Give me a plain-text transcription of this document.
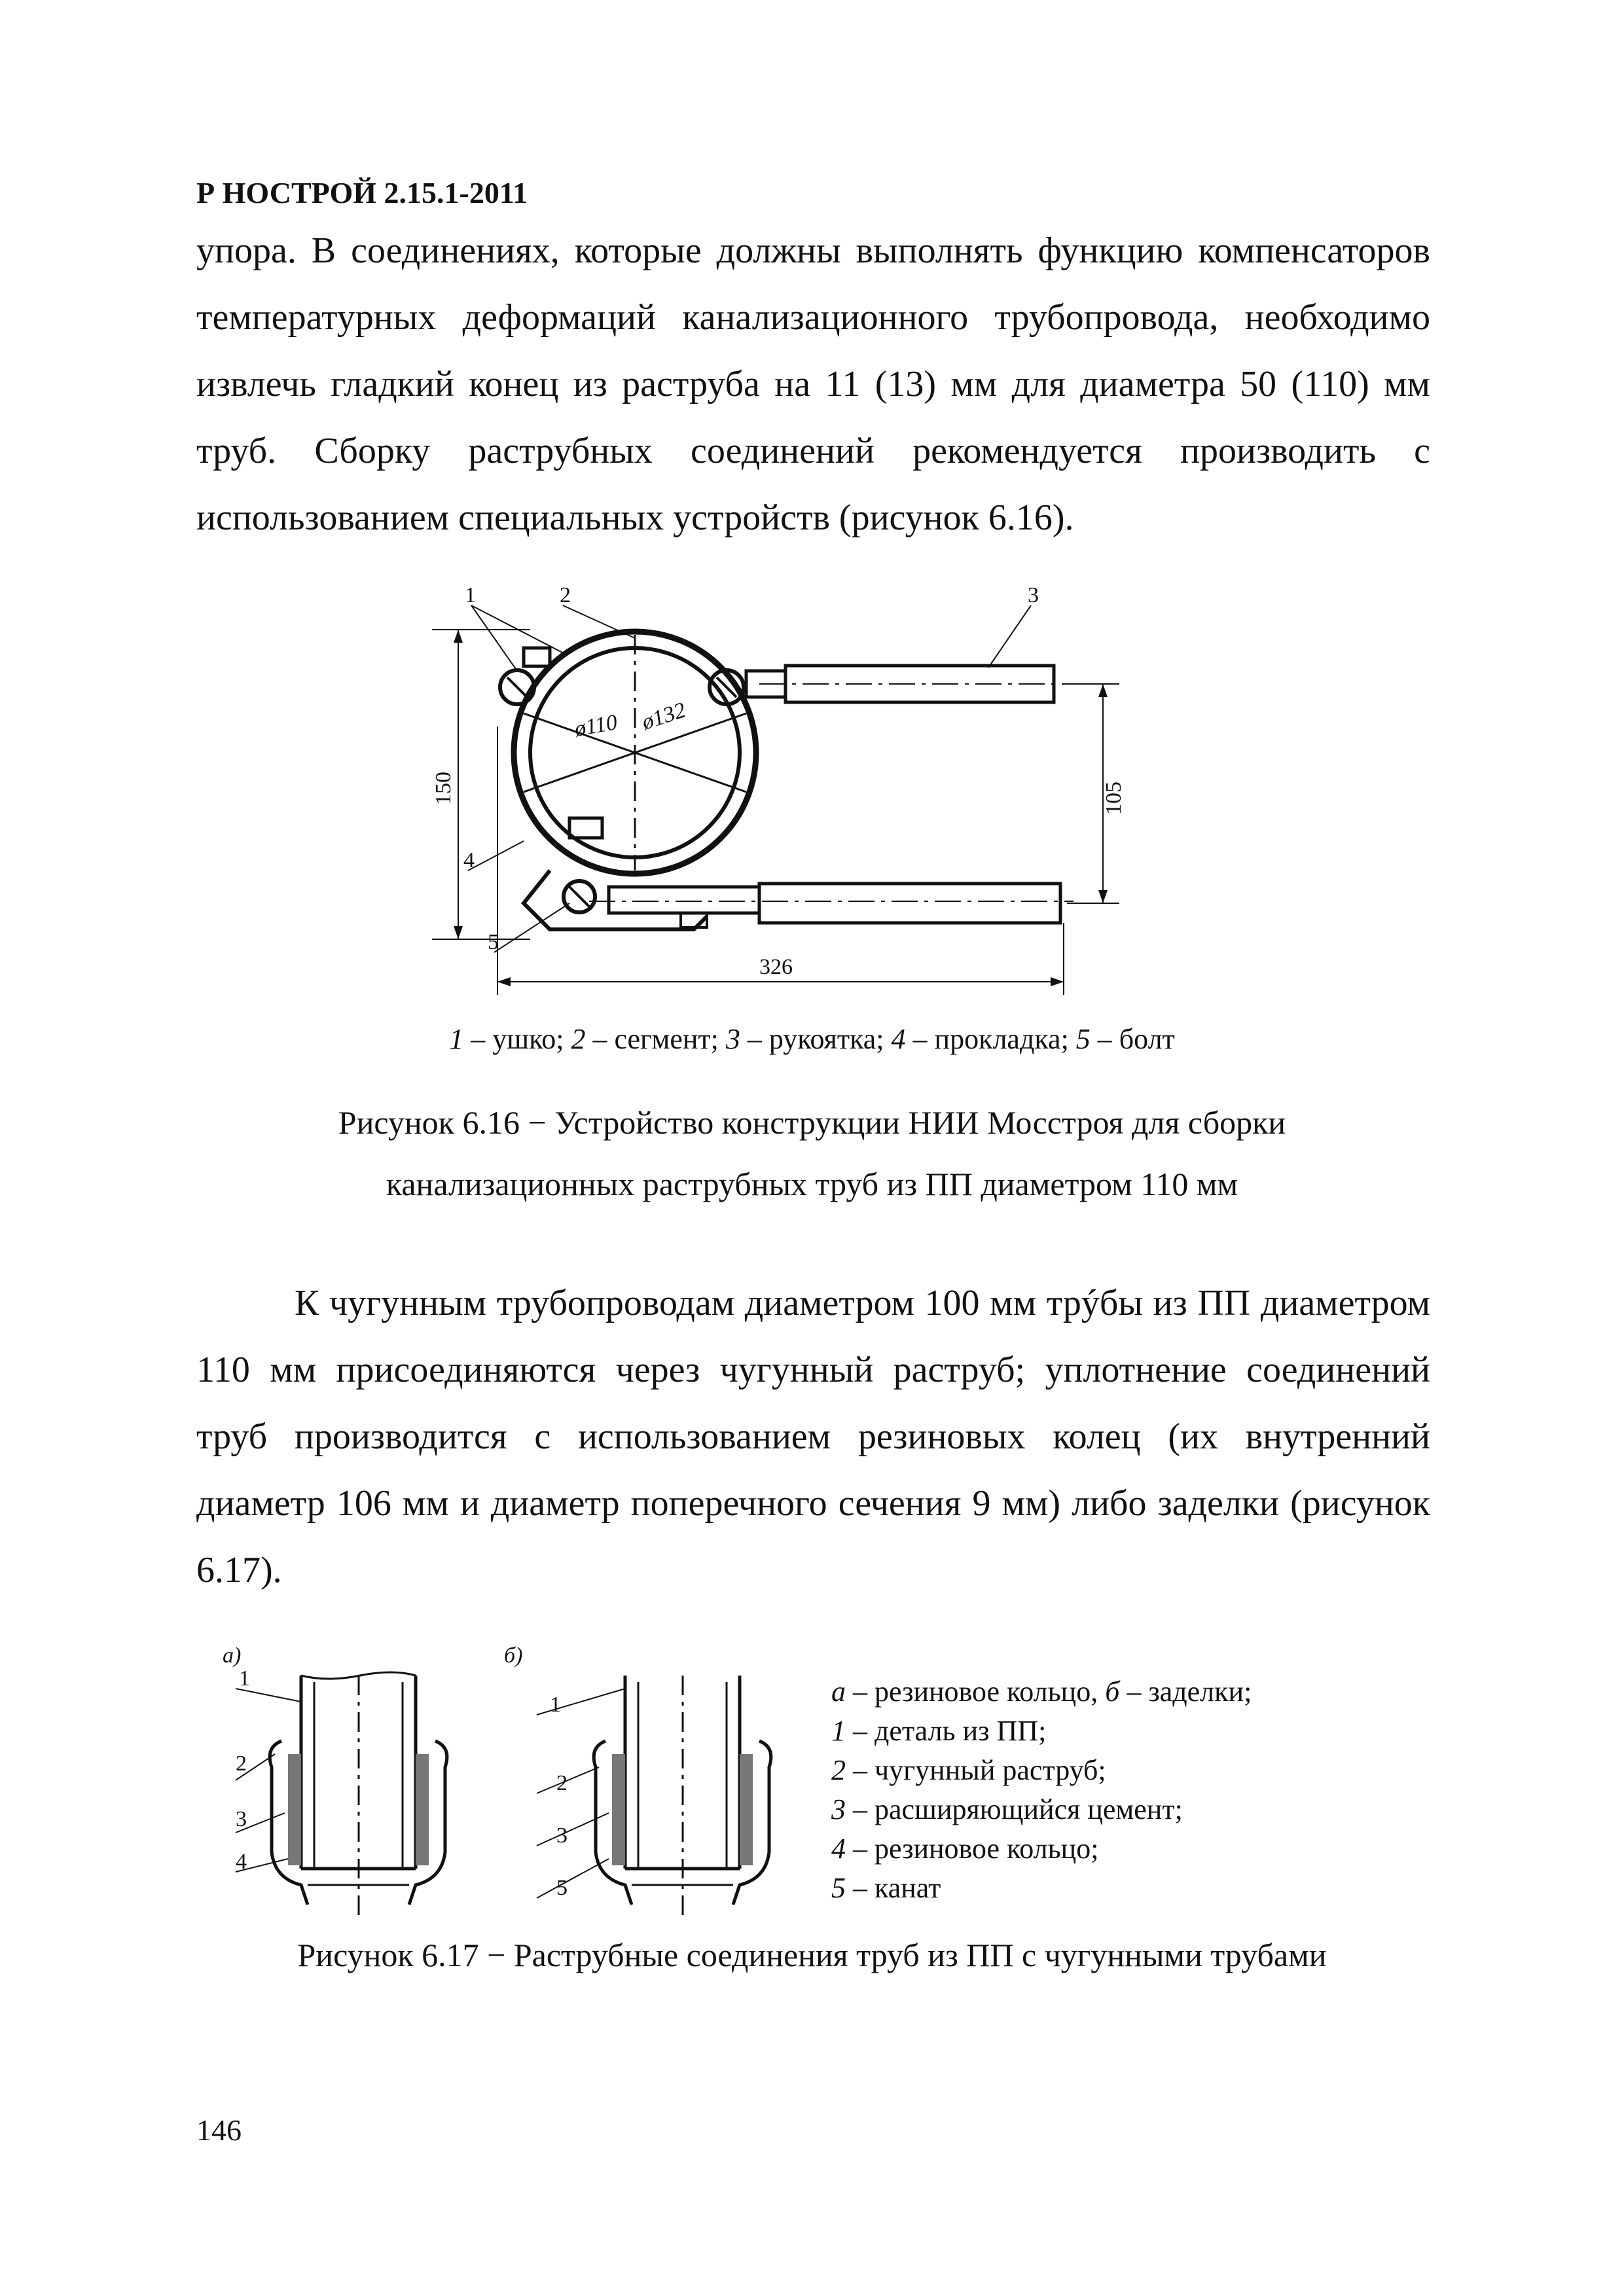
Р НОСТРОЙ 2.15.1-2011
упора. В соединениях, которые должны выполнять функцию компенсаторов температурных деформаций канализационного трубопровода, необходимо извлечь гладкий конец из раструба на 11 (13) мм для диаметра 50 (110) мм труб. Сборку раструбных соединений рекомендуется производить с использованием специальных устройств (рисунок 6.16).
1	2	3
4
5
ø110 ø132
150	105
326
1 – ушко; 2 – сегмент; 3 – рукоятка; 4 – прокладка; 5 – болт
Рисунок 6.16 − Устройство конструкции НИИ Мосстроя для сборки
канализационных раструбных труб из ПП диаметром 110 мм
К чугунным трубопроводам диаметром 100 мм трýбы из ПП диаметром 110 мм присоединяются через чугунный раструб; уплотнение соединений труб производится с использованием резиновых колец (их внутренний диаметр 106 мм и диаметр поперечного сечения 9 мм) либо заделки (рисунок 6.17).
а)
1
2
3
4
б)
1
2
3
5
а – резиновое кольцо, б – заделки;
1 – деталь из ПП;
2 – чугунный раструб;
3 – расширяющийся цемент;
4 – резиновое кольцо;
5 – канат
Рисунок 6.17 − Раструбные соединения труб из ПП с чугунными трубами
146
